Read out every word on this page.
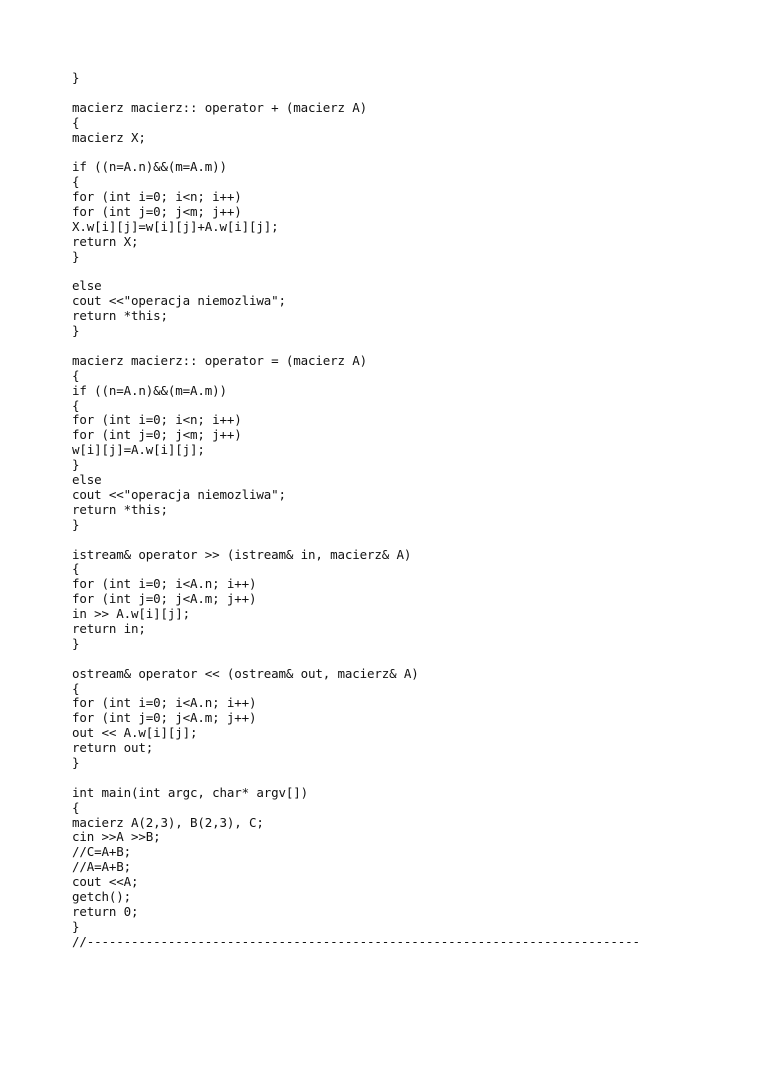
}
macierz macierz:: operator + (macierz A)
{
macierz X;
if ((n=A.n)&&(m=A.m))
{
for (int i=0; i<n; i++)
for (int j=0; j<m; j++)
X.w[i][j]=w[i][j]+A.w[i][j];
return X;
}
else
cout <<"operacja niemozliwa";
return *this;
}
macierz macierz:: operator = (macierz A)
{
if ((n=A.n)&&(m=A.m))
{
for (int i=0; i<n; i++)
for (int j=0; j<m; j++)
w[i][j]=A.w[i][j];
}
else
cout <<"operacja niemozliwa";
return *this;
}
istream& operator >> (istream& in, macierz& A)
{
for (int i=0; i<A.n; i++)
for (int j=0; j<A.m; j++)
in >> A.w[i][j];
return in;
}
ostream& operator << (ostream& out, macierz& A)
{
for (int i=0; i<A.n; i++)
for (int j=0; j<A.m; j++)
out << A.w[i][j];
return out;
}
int main(int argc, char* argv[])
{
macierz A(2,3), B(2,3), C;
cin >>A >>B;
//C=A+B;
//A=A+B;
cout <<A;
getch();
return 0;
}
//---------------------------------------------------------------------------
